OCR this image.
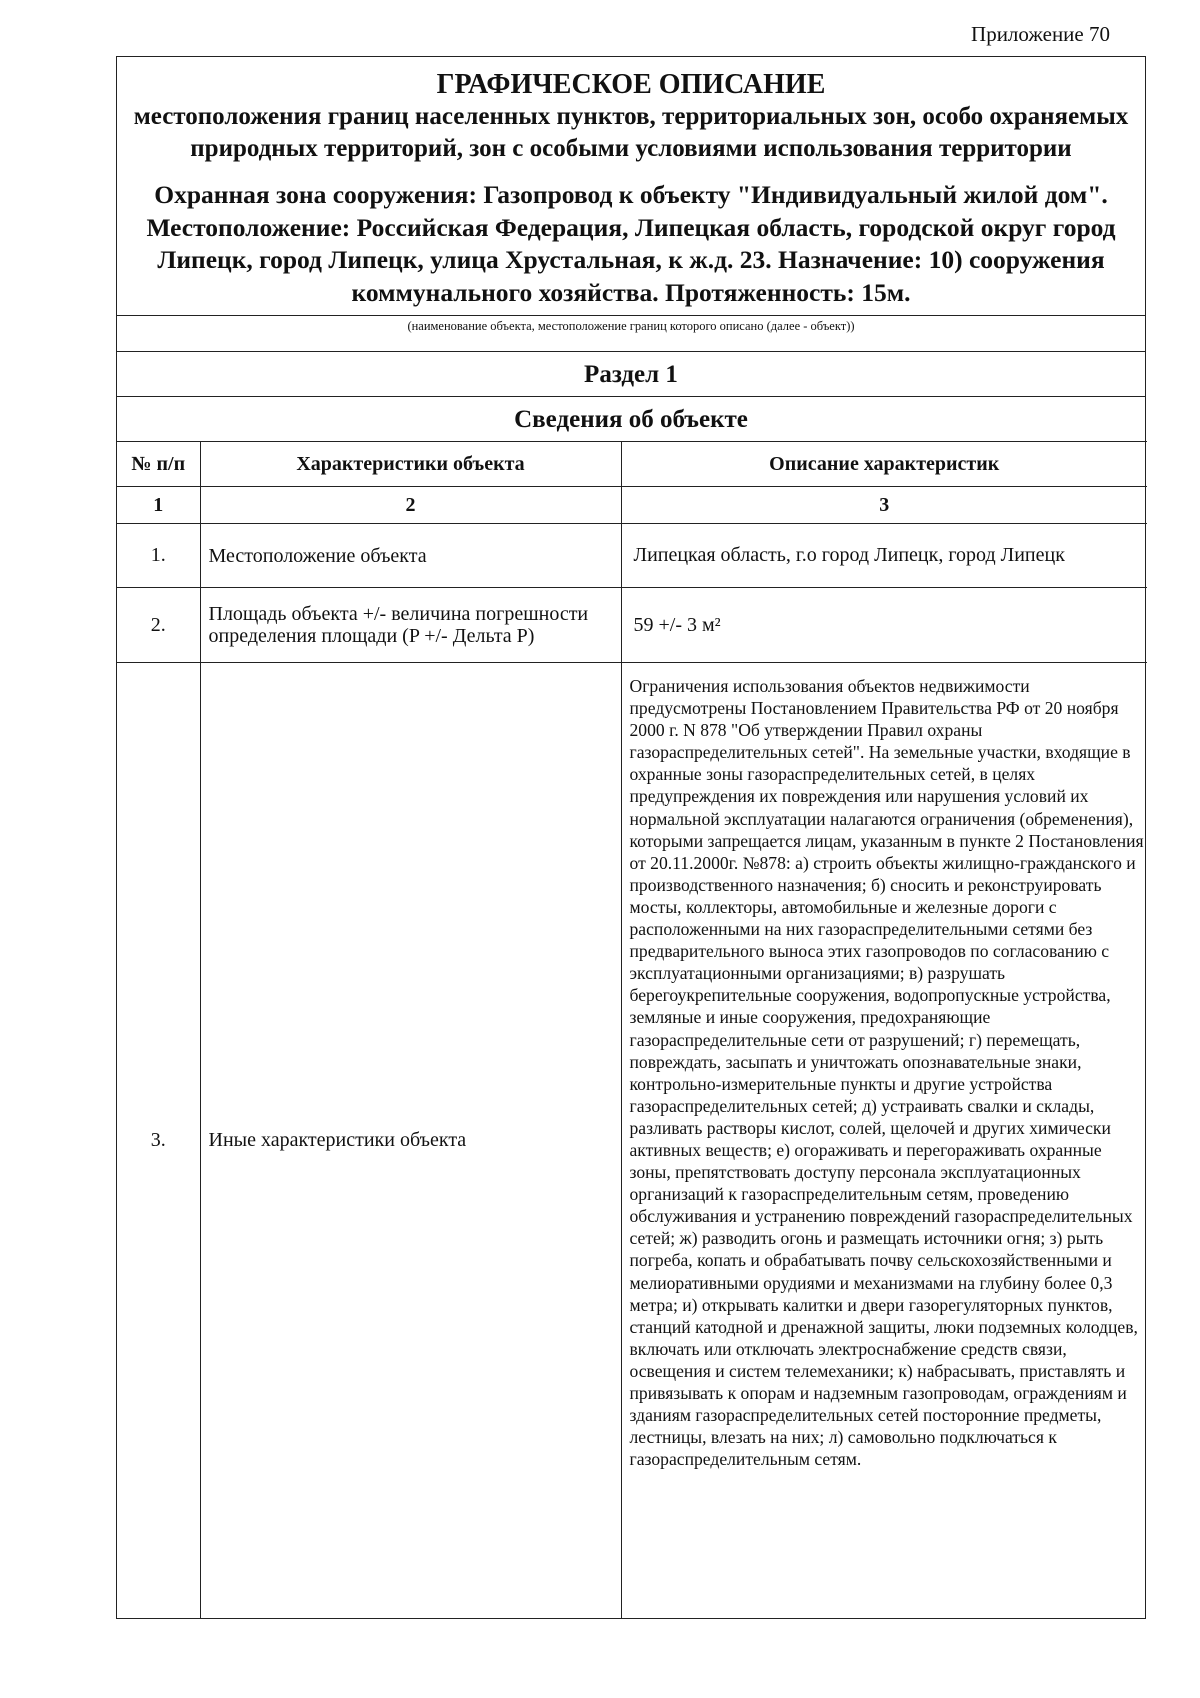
Приложение 70
ГРАФИЧЕСКОЕ ОПИСАНИЕ
местоположения границ населенных пунктов, территориальных зон, особо охраняемых природных территорий, зон с особыми условиями использования территории
Охранная зона сооружения: Газопровод к объекту "Индивидуальный жилой дом". Местоположение: Российская Федерация, Липецкая область, городской округ город Липецк, город Липецк, улица Хрустальная, к ж.д. 23. Назначение: 10) сооружения коммунального хозяйства. Протяженность: 15м.
(наименование объекта, местоположение границ которого описано (далее - объект))
Раздел 1
Сведения об объекте
№ п/п	Характеристики объекта	Описание характеристик
1	2	3
1.	Местоположение объекта	Липецкая область, г.о город Липецк, город Липецк
2.	Площадь объекта +/- величина погрешности определения площади (P +/- Дельта P)	59 +/- 3 м²
3.	Иные характеристики объекта	Ограничения использования объектов недвижимости предусмотрены Постановлением Правительства РФ от 20 ноября 2000 г. N 878 "Об утверждении Правил охраны газораспределительных сетей". На земельные участки, входящие в охранные зоны газораспределительных сетей, в целях предупреждения их повреждения или нарушения условий их нормальной эксплуатации налагаются ограничения (обременения), которыми запрещается лицам, указанным в пункте 2 Постановления от 20.11.2000г. №878: а) строить объекты жилищно-гражданского и производственного назначения; б) сносить и реконструировать мосты, коллекторы, автомобильные и железные дороги с расположенными на них газораспределительными сетями без предварительного выноса этих газопроводов по согласованию с эксплуатационными организациями; в) разрушать берегоукрепительные сооружения, водопропускные устройства, земляные и иные сооружения, предохраняющие газораспределительные сети от разрушений; г) перемещать, повреждать, засыпать и уничтожать опознавательные знаки, контрольно-измерительные пункты и другие устройства газораспределительных сетей; д) устраивать свалки и склады, разливать растворы кислот, солей, щелочей и других химически активных веществ; е) огораживать и перегораживать охранные зоны, препятствовать доступу персонала эксплуатационных организаций к газораспределительным сетям, проведению обслуживания и устранению повреждений газораспределительных сетей; ж) разводить огонь и размещать источники огня; з) рыть погреба, копать и обрабатывать почву сельскохозяйственными и мелиоративными орудиями и механизмами на глубину более 0,3 метра; и) открывать калитки и двери газорегуляторных пунктов, станций катодной и дренажной защиты, люки подземных колодцев, включать или отключать электроснабжение средств связи, освещения и систем телемеханики; к) набрасывать, приставлять и привязывать к опорам и надземным газопроводам, ограждениям и зданиям газораспределительных сетей посторонние предметы, лестницы, влезать на них; л) самовольно подключаться к газораспределительным сетям.
